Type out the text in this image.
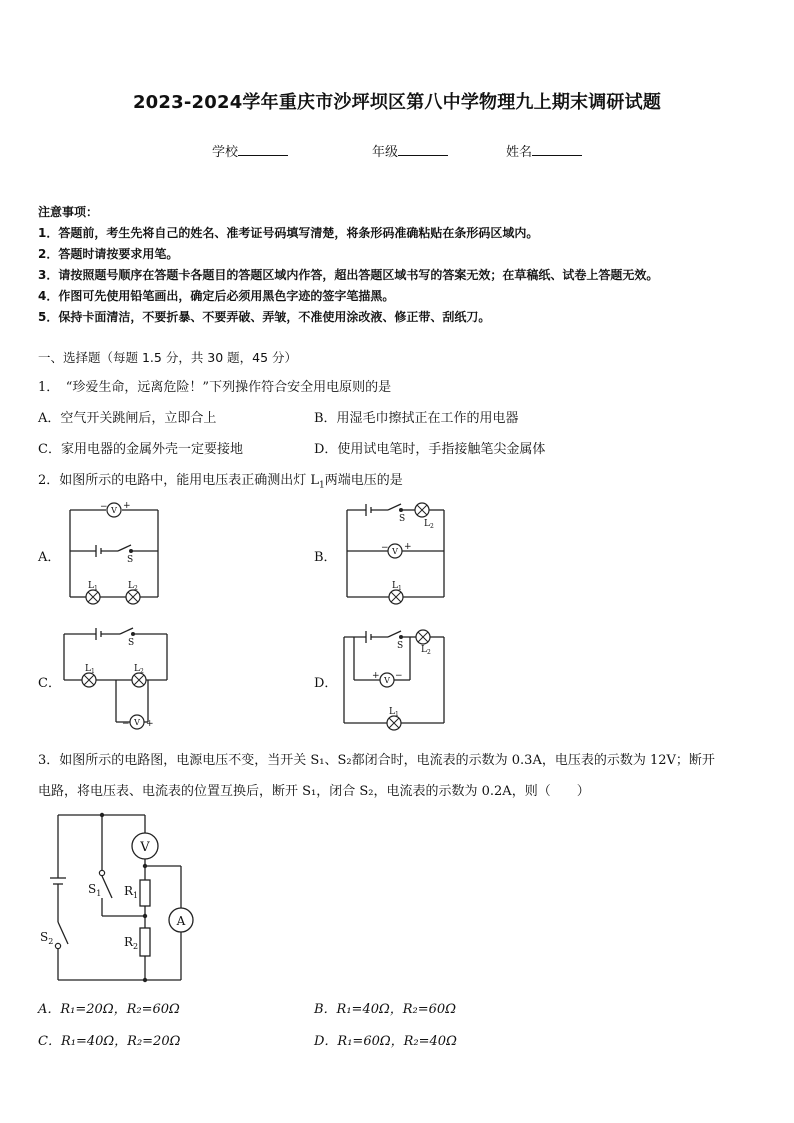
2023-2024学年重庆市沙坪坝区第八中学物理九上期末调研试题
学校	年级	姓名
注意事项：
1．答题前，考生先将自己的姓名、准考证号码填写清楚，将条形码准确粘贴在条形码区域内。
2．答题时请按要求用笔。
3．请按照题号顺序在答题卡各题目的答题区域内作答，超出答题区域书写的答案无效；在草稿纸、试卷上答题无效。
4．作图可先使用铅笔画出，确定后必须用黑色字迹的签字笔描黑。
5．保持卡面清洁，不要折暴、不要弄破、弄皱，不准使用涂改液、修正带、刮纸刀。
一、选择题（每题 1.5 分，共 30 题，45 分）
1．　“珍爱生命，远离危险！”下列操作符合安全用电原则的是
A．空气开关跳闸后，立即合上	B．用湿毛巾擦拭正在工作的用电器
C．家用电器的金属外壳一定要接地	D．使用试电笔时，手指接触笔尖金属体
2．如图所示的电路中，能用电压表正确测出灯 $L_1$两端电压的是
A．	B．
C．	D．
V
V
V
V
− +
S
$L_1$	$L_2$
S $L_2$
− +
$L_1$
S
$L_1$	$L_2$
− +
S $L_2$
+ −
$L_1$
V
A
$S_1$
$S_2$
$R_1$
$R_2$
3．如图所示的电路图，电源电压不变，当开关 S₁、S₂都闭合时，电流表的示数为 0.3A，电压表的示数为 12V；断开
电路，将电压表、电流表的位置互换后，断开 S₁，闭合 S₂，电流表的示数为 0.2A，则（　　）
A．R₁=20Ω，R₂=60Ω	B．R₁=40Ω，R₂=60Ω
C．R₁=40Ω，R₂=20Ω	D．R₁=60Ω，R₂=40Ω
